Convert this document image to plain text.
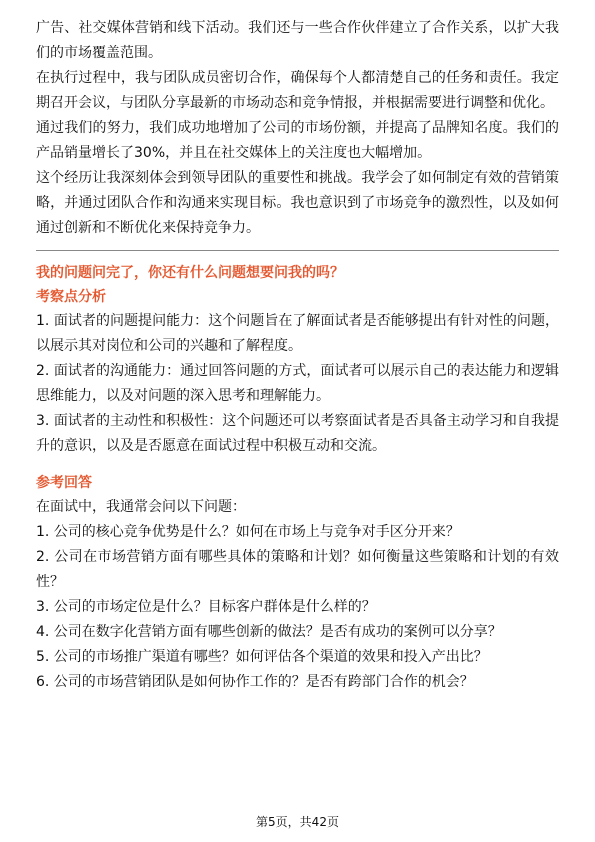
广告、社交媒体营销和线下活动。我们还与一些合作伙伴建立了合作关系，以扩大我们的市场覆盖范围。

在执行过程中，我与团队成员密切合作，确保每个人都清楚自己的任务和责任。我定期召开会议，与团队分享最新的市场动态和竞争情报，并根据需要进行调整和优化。

通过我们的努力，我们成功地增加了公司的市场份额，并提高了品牌知名度。我们的产品销量增长了30%，并且在社交媒体上的关注度也大幅增加。

这个经历让我深刻体会到领导团队的重要性和挑战。我学会了如何制定有效的营销策略，并通过团队合作和沟通来实现目标。我也意识到了市场竞争的激烈性，以及如何通过创新和不断优化来保持竞争力。

我的问题问完了，你还有什么问题想要问我的吗？

考察点分析

1. 面试者的问题提问能力：这个问题旨在了解面试者是否能够提出有针对性的问题，以展示其对岗位和公司的兴趣和了解程度。

2. 面试者的沟通能力：通过回答问题的方式，面试者可以展示自己的表达能力和逻辑思维能力，以及对问题的深入思考和理解能力。

3. 面试者的主动性和积极性：这个问题还可以考察面试者是否具备主动学习和自我提升的意识，以及是否愿意在面试过程中积极互动和交流。

参考回答

在面试中，我通常会问以下问题：

1. 公司的核心竞争优势是什么？如何在市场上与竞争对手区分开来？

2. 公司在市场营销方面有哪些具体的策略和计划？如何衡量这些策略和计划的有效性？

3. 公司的市场定位是什么？目标客户群体是什么样的？

4. 公司在数字化营销方面有哪些创新的做法？是否有成功的案例可以分享？

5. 公司的市场推广渠道有哪些？如何评估各个渠道的效果和投入产出比？

6. 公司的市场营销团队是如何协作工作的？是否有跨部门合作的机会？

第5页，共42页
